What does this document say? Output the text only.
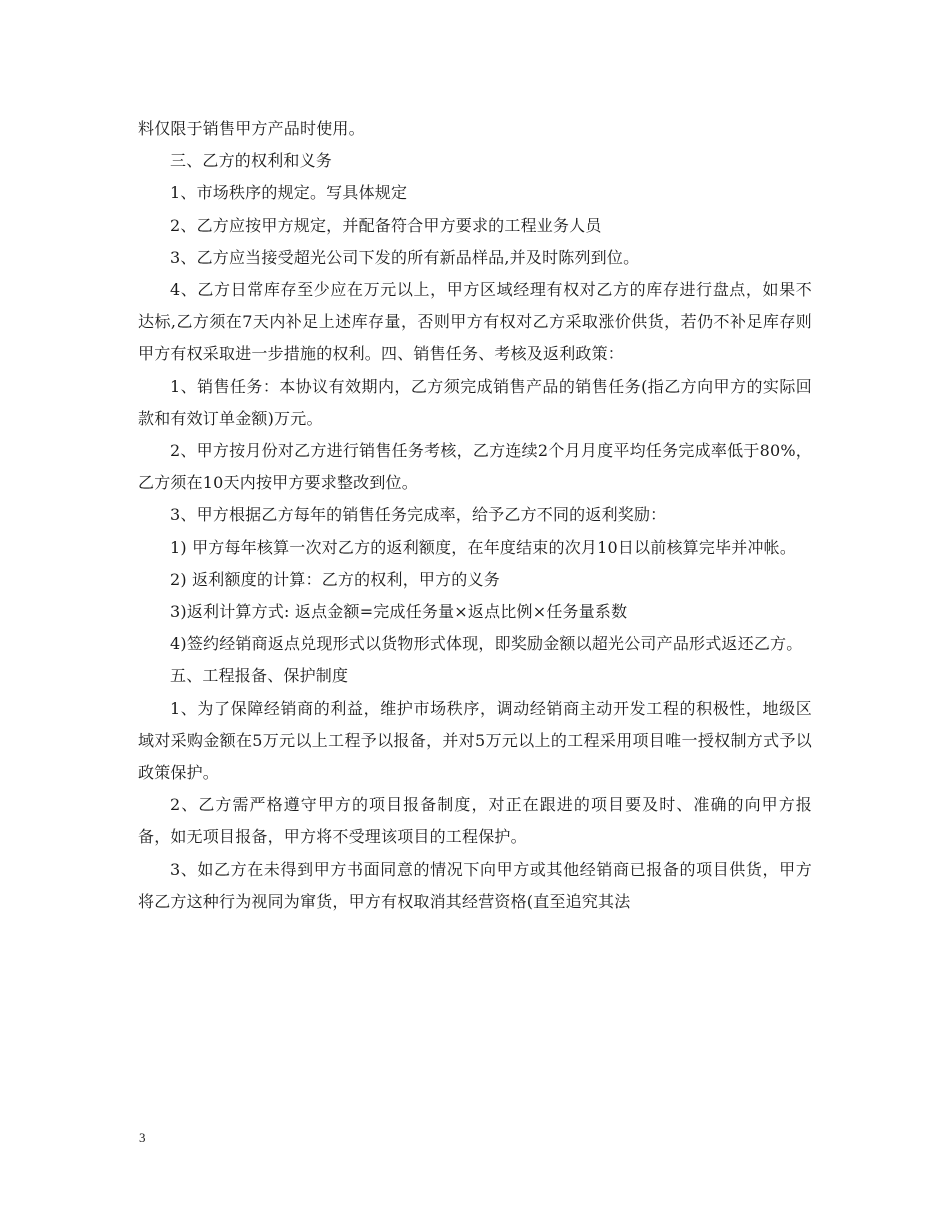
料仅限于销售甲方产品时使用。

三、乙方的权利和义务

1、市场秩序的规定。写具体规定

2、乙方应按甲方规定，并配备符合甲方要求的工程业务人员

3、乙方应当接受超光公司下发的所有新品样品,并及时陈列到位。

4、乙方日常库存至少应在万元以上，甲方区域经理有权对乙方的库存进行盘点，如果不达标,乙方须在7天内补足上述库存量，否则甲方有权对乙方采取涨价供货，若仍不补足库存则甲方有权采取进一步措施的权利。四、销售任务、考核及返利政策：

1、销售任务：本协议有效期内，乙方须完成销售产品的销售任务(指乙方向甲方的实际回款和有效订单金额)万元。

2、甲方按月份对乙方进行销售任务考核，乙方连续2个月月度平均任务完成率低于80%，乙方须在10天内按甲方要求整改到位。

3、甲方根据乙方每年的销售任务完成率，给予乙方不同的返利奖励：

1) 甲方每年核算一次对乙方的返利额度，在年度结束的次月10日以前核算完毕并冲帐。

2) 返利额度的计算：乙方的权利，甲方的义务

3)返利计算方式: 返点金额=完成任务量×返点比例×任务量系数

4)签约经销商返点兑现形式以货物形式体现，即奖励金额以超光公司产品形式返还乙方。

五、工程报备、保护制度

1、为了保障经销商的利益，维护市场秩序，调动经销商主动开发工程的积极性，地级区域对采购金额在5万元以上工程予以报备，并对5万元以上的工程采用项目唯一授权制方式予以政策保护。

2、乙方需严格遵守甲方的项目报备制度，对正在跟进的项目要及时、准确的向甲方报备，如无项目报备，甲方将不受理该项目的工程保护。

3、如乙方在未得到甲方书面同意的情况下向甲方或其他经销商已报备的项目供货，甲方将乙方这种行为视同为窜货，甲方有权取消其经营资格(直至追究其法

3
